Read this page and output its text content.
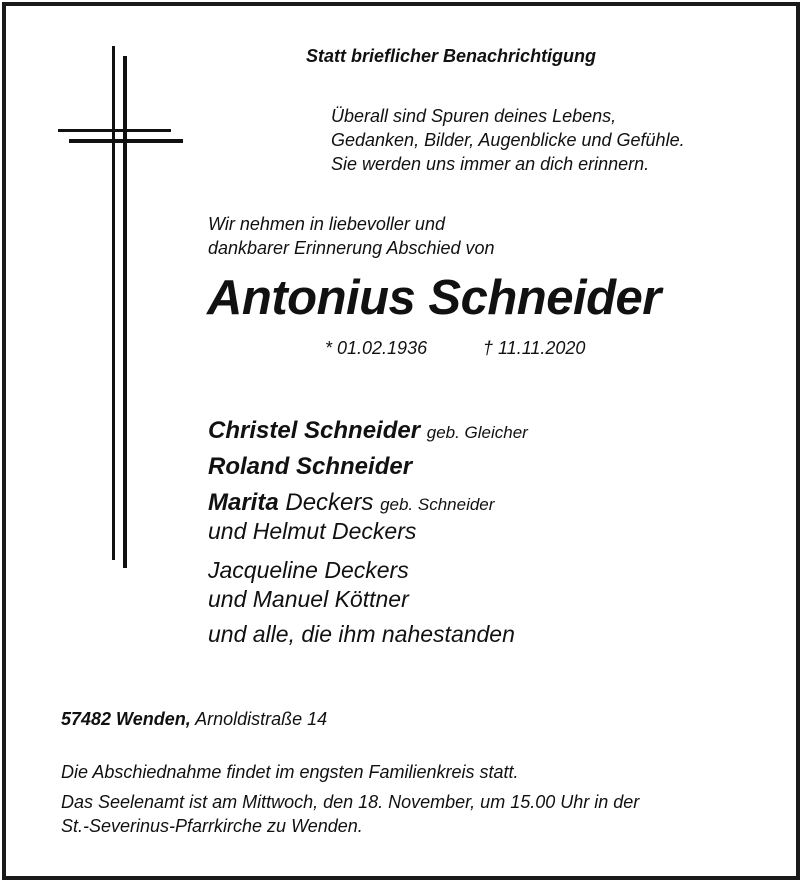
Statt brieflicher Benachrichtigung
Überall sind Spuren deines Lebens,
Gedanken, Bilder, Augenblicke und Gefühle.
Sie werden uns immer an dich erinnern.
Wir nehmen in liebevoller und
dankbarer Erinnerung Abschied von
Antonius Schneider
* 01.02.1936	† 11.11.2020
Christel Schneider geb. Gleicher
Roland Schneider
Marita Deckers geb. Schneider
und Helmut Deckers
Jacqueline Deckers
und Manuel Köttner
und alle, die ihm nahestanden
57482 Wenden, Arnoldistraße 14
Die Abschiednahme findet im engsten Familienkreis statt.
Das Seelenamt ist am Mittwoch, den 18. November, um 15.00 Uhr in der
St.-Severinus-Pfarrkirche zu Wenden.
